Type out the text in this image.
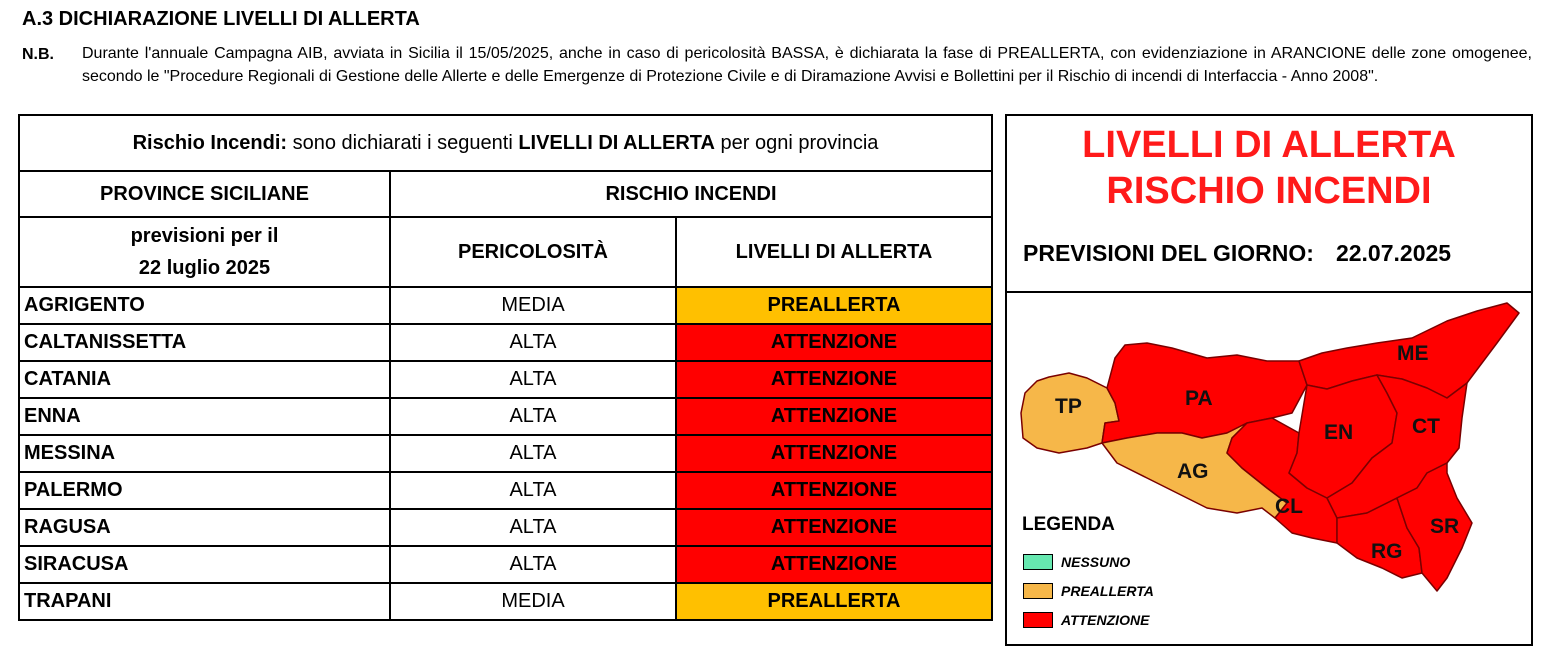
A.3 DICHIARAZIONE LIVELLI DI ALLERTA
N.B. Durante l'annuale Campagna AIB, avviata in Sicilia il 15/05/2025, anche in caso di pericolosità BASSA, è dichiarata la fase di PREALLERTA, con evidenziazione in ARANCIONE delle zone omogenee, secondo le "Procedure Regionali di Gestione delle Allerte e delle Emergenze di Protezione Civile e di Diramazione Avvisi e Bollettini per il Rischio di incendi di Interfaccia - Anno 2008".
Rischio Incendi: sono dichiarati i seguenti LIVELLI DI ALLERTA per ogni provincia		
PROVINCE SICILIANE	RISCHIO INCENDI	

previsioni per il
22 luglio 2025	PERICOLOSITÀ	LIVELLI DI ALLERTA
AGRIGENTO	MEDIA	PREALLERTA
CALTANISSETTA	ALTA	ATTENZIONE
CATANIA	ALTA	ATTENZIONE
ENNA	ALTA	ATTENZIONE
MESSINA	ALTA	ATTENZIONE
PALERMO	ALTA	ATTENZIONE
RAGUSA	ALTA	ATTENZIONE
SIRACUSA	ALTA	ATTENZIONE
TRAPANI	MEDIA	PREALLERTA
LIVELLI DI ALLERTA
RISCHIO INCENDI
PREVISIONI DEL GIORNO: 22.07.2025
TP	PA
ME
AG
CL
EN	CT
RG
SR
LEGENDA
NESSUNO
PREALLERTA
ATTENZIONE
